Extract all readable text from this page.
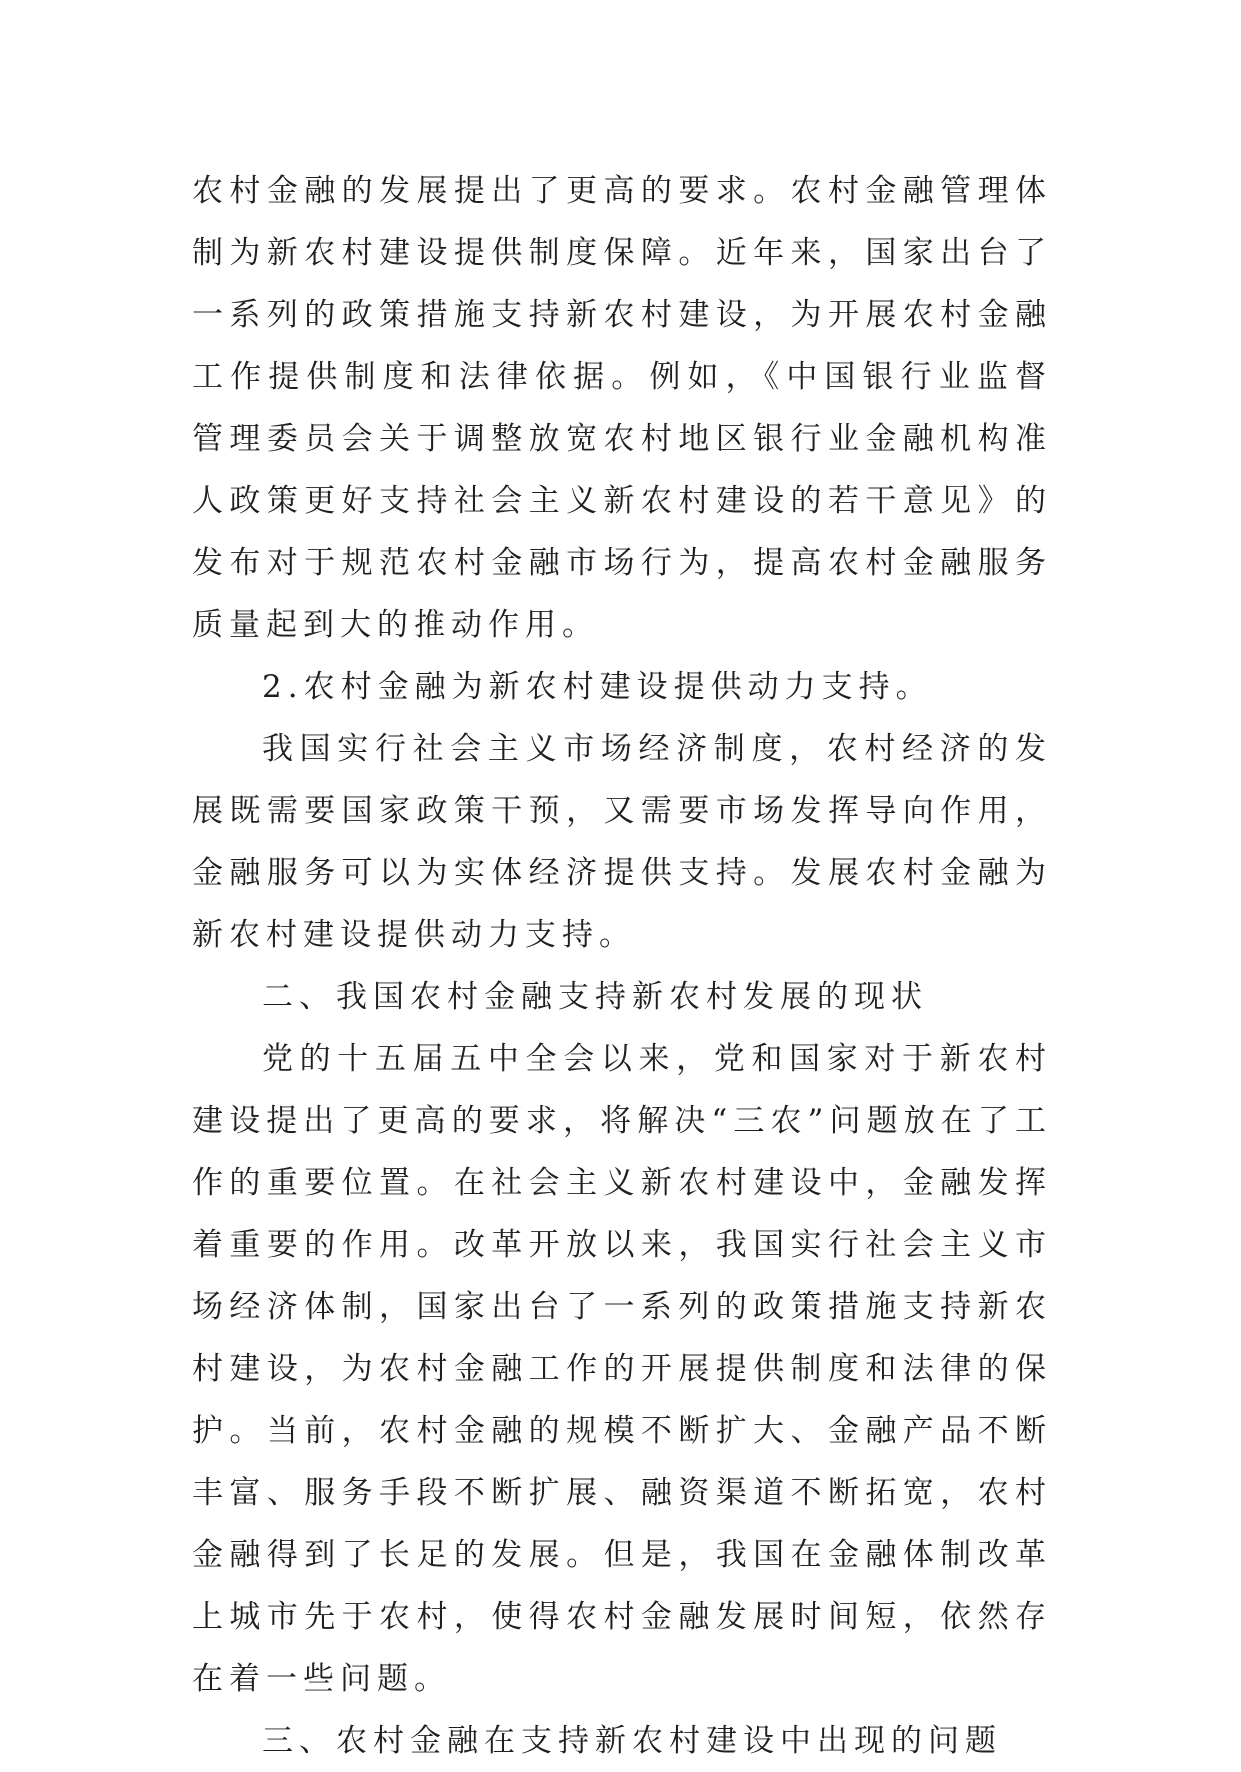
农村金融的发展提出了更高的要求。农村金融管理体制为新农村建设提供制度保障。近年来，国家出台了一系列的政策措施支持新农村建设，为开展农村金融工作提供制度和法律依据。例如，《中国银行业监督管理委员会关于调整放宽农村地区银行业金融机构准人政策更好支持社会主义新农村建设的若干意见》的发布对于规范农村金融市场行为，提高农村金融服务质量起到大的推动作用。

2.农村金融为新农村建设提供动力支持。

我国实行社会主义市场经济制度，农村经济的发展既需要国家政策干预，又需要市场发挥导向作用，金融服务可以为实体经济提供支持。发展农村金融为新农村建设提供动力支持。

二、我国农村金融支持新农村发展的现状

党的十五届五中全会以来，党和国家对于新农村建设提出了更高的要求，将解决“三农”问题放在了工作的重要位置。在社会主义新农村建设中，金融发挥着重要的作用。改革开放以来，我国实行社会主义市场经济体制，国家出台了一系列的政策措施支持新农村建设，为农村金融工作的开展提供制度和法律的保护。当前，农村金融的规模不断扩大、金融产品不断丰富、服务手段不断扩展、融资渠道不断拓宽，农村金融得到了长足的发展。但是，我国在金融体制改革上城市先于农村，使得农村金融发展时间短，依然存在着一些问题。

三、农村金融在支持新农村建设中出现的问题
